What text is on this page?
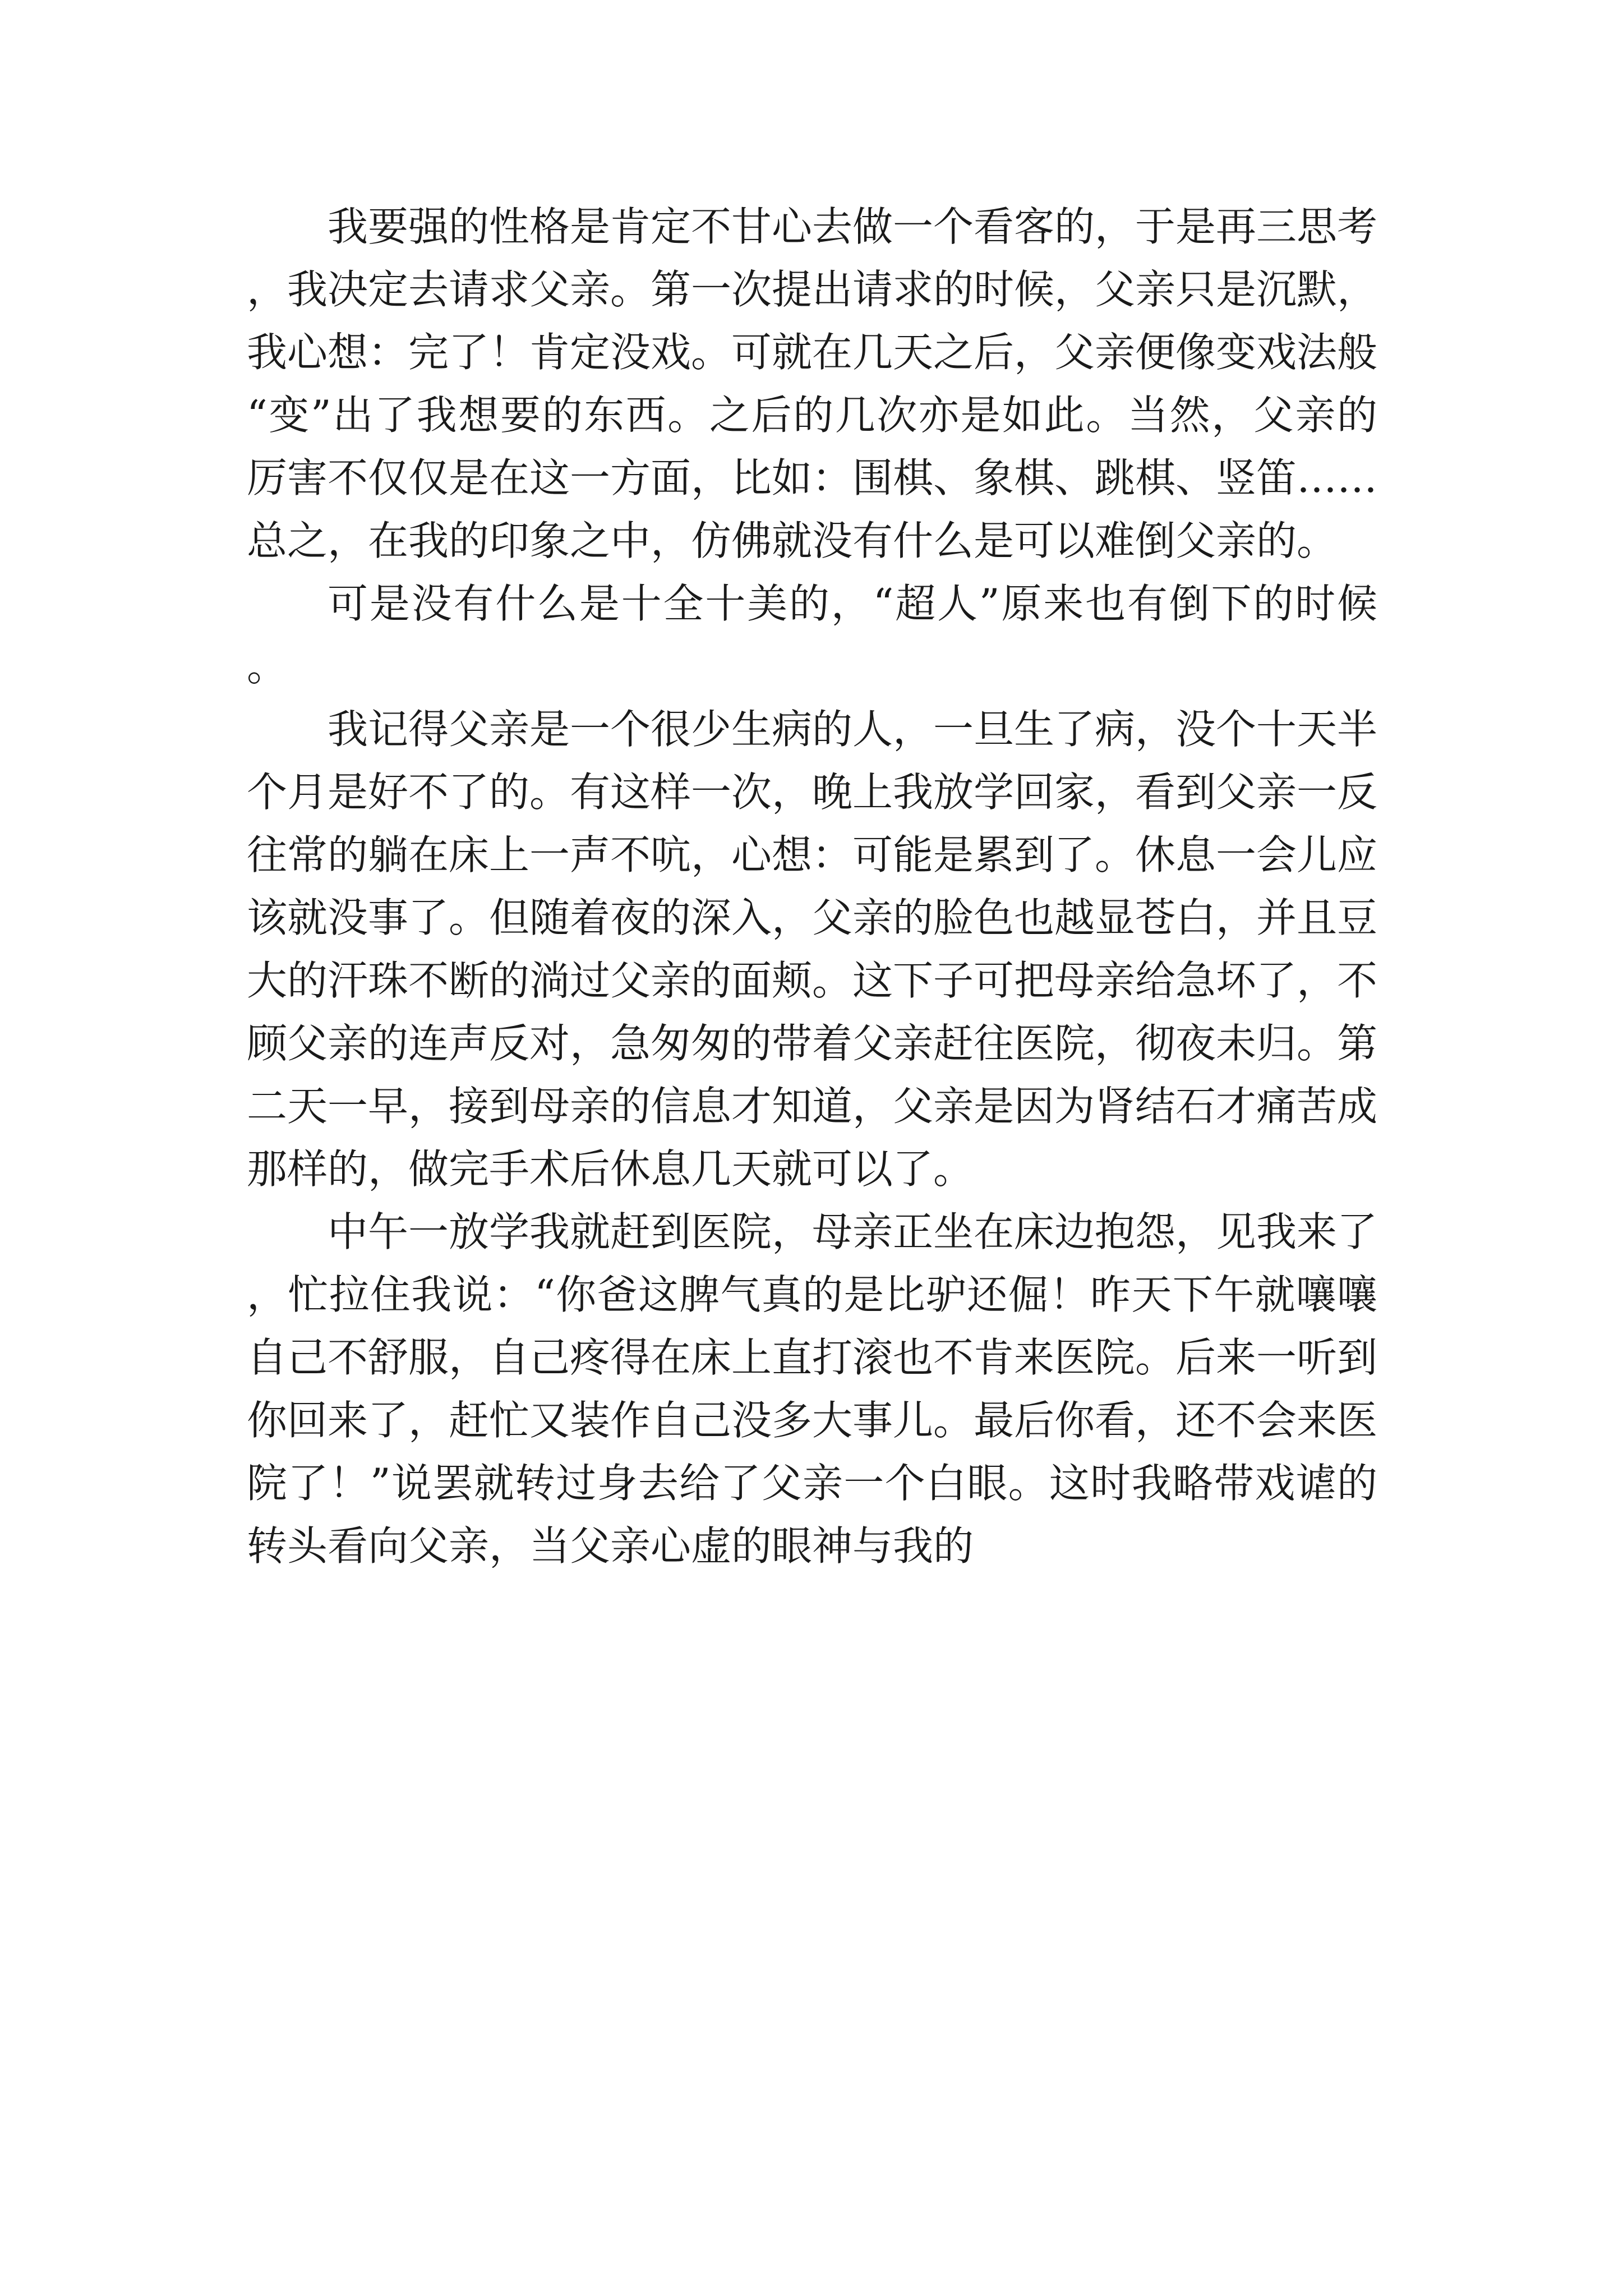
我要强的性格是肯定不甘心去做一个看客的，于是再三思考，我决定去请求父亲。第一次提出请求的时候，父亲只是沉默，我心想：完了！肯定没戏。可就在几天之后，父亲便像变戏法般“变”出了我想要的东西。之后的几次亦是如此。当然，父亲的厉害不仅仅是在这一方面，比如：围棋、象棋、跳棋、竖笛……总之，在我的印象之中，仿佛就没有什么是可以难倒父亲的。

可是没有什么是十全十美的，“超人”原来也有倒下的时候。

我记得父亲是一个很少生病的人，一旦生了病，没个十天半个月是好不了的。有这样一次，晚上我放学回家，看到父亲一反往常的躺在床上一声不吭，心想：可能是累到了。休息一会儿应该就没事了。但随着夜的深入，父亲的脸色也越显苍白，并且豆大的汗珠不断的淌过父亲的面颊。这下子可把母亲给急坏了，不顾父亲的连声反对，急匆匆的带着父亲赶往医院，彻夜未归。第二天一早，接到母亲的信息才知道，父亲是因为肾结石才痛苦成那样的，做完手术后休息几天就可以了。

中午一放学我就赶到医院，母亲正坐在床边抱怨，见我来了，忙拉住我说：“你爸这脾气真的是比驴还倔！昨天下午就嚷嚷自己不舒服，自己疼得在床上直打滚也不肯来医院。后来一听到你回来了，赶忙又装作自己没多大事儿。最后你看，还不会来医院了！”说罢就转过身去给了父亲一个白眼。这时我略带戏谑的转头看向父亲，当父亲心虚的眼神与我的
